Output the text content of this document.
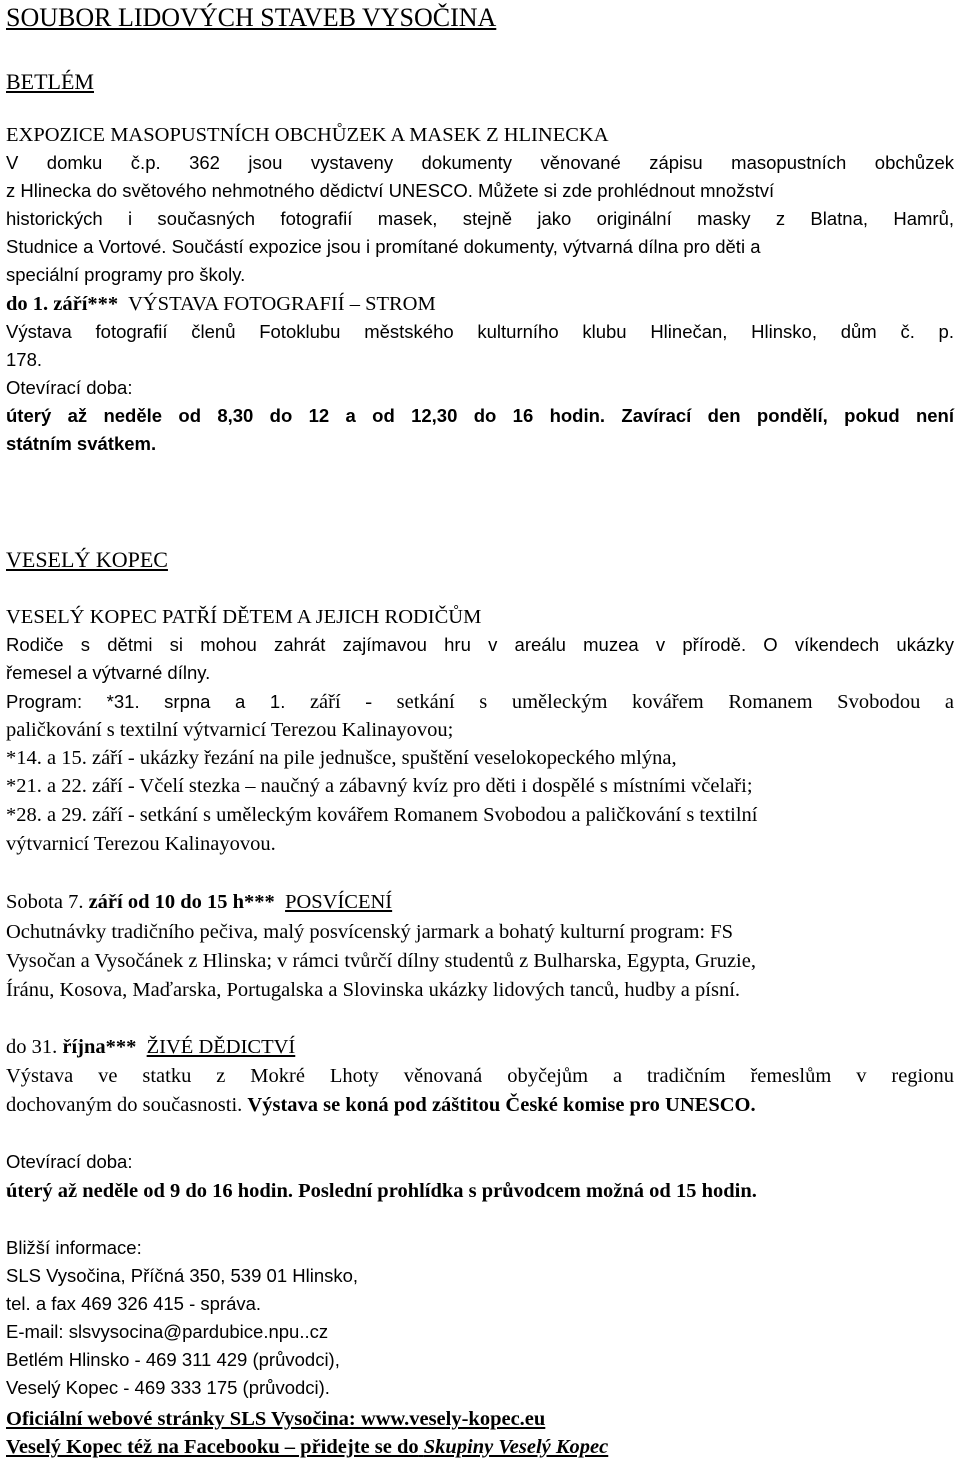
SOUBOR LIDOVÝCH STAVEB VYSOČINA
BETLÉM
EXPOZICE MASOPUSTNÍCH OBCHŮZEK A MASEK Z HLINECKA
V domku č.p. 362 jsou vystaveny dokumenty věnované zápisu masopustních obchůzek
z Hlinecka do světového nehmotného dědictví UNESCO. Můžete si zde prohlédnout množství
historických i současných fotografií masek, stejně jako originální masky z Blatna, Hamrů,
Studnice a Vortové. Součástí expozice jsou i promítané dokumenty, výtvarná dílna pro děti a
speciální programy pro školy.
do 1. září*** VÝSTAVA FOTOGRAFIÍ – STROM
Výstava fotografií členů Fotoklubu městského kulturního klubu Hlinečan, Hlinsko, dům č. p.
178.
Otevírací doba:
úterý až neděle od 8,30 do 12 a od 12,30 do 16 hodin. Zavírací den pondělí, pokud není
státním svátkem.
VESELÝ KOPEC
VESELÝ KOPEC PATŘÍ DĚTEM A JEJICH RODIČŮM
Rodiče s dětmi si mohou zahrát zajímavou hru v areálu muzea v přírodě. O víkendech ukázky
řemesel a výtvarné dílny.
Program: *31. srpna a 1. září - setkání s uměleckým kovářem Romanem Svobodou a
paličkování s textilní výtvarnicí Terezou Kalinayovou;
*14. a 15. září - ukázky řezání na pile jednušce, spuštění veselokopeckého mlýna,
*21. a 22. září - Včelí stezka – naučný a zábavný kvíz pro děti i dospělé s místními včelaři;
*28. a 29. září - setkání s uměleckým kovářem Romanem Svobodou a paličkování s textilní
výtvarnicí Terezou Kalinayovou.
Sobota 7. září od 10 do 15 h*** POSVÍCENÍ
Ochutnávky tradičního pečiva, malý posvícenský jarmark a bohatý kulturní program: FS
Vysočan a Vysočánek z Hlinska; v rámci tvůrčí dílny studentů z Bulharska, Egypta, Gruzie,
Íránu, Kosova, Maďarska, Portugalska a Slovinska ukázky lidových tanců, hudby a písní.
do 31. října*** ŽIVÉ DĚDICTVÍ
Výstava ve statku z Mokré Lhoty věnovaná obyčejům a tradičním řemeslům v regionu
dochovaným do současnosti. Výstava se koná pod záštitou České komise pro UNESCO.
Otevírací doba:
úterý až neděle od 9 do 16 hodin. Poslední prohlídka s průvodcem možná od 15 hodin.
Bližší informace:
SLS Vysočina, Příčná 350, 539 01 Hlinsko,
tel. a fax 469 326 415 - správa.
E-mail: slsvysocina@pardubice.npu..cz
Betlém Hlinsko - 469 311 429 (průvodci),
Veselý Kopec - 469 333 175 (průvodci).
Oficiální webové stránky SLS Vysočina: www.vesely-kopec.eu
Veselý Kopec též na Facebooku – přidejte se do Skupiny Veselý Kopec
